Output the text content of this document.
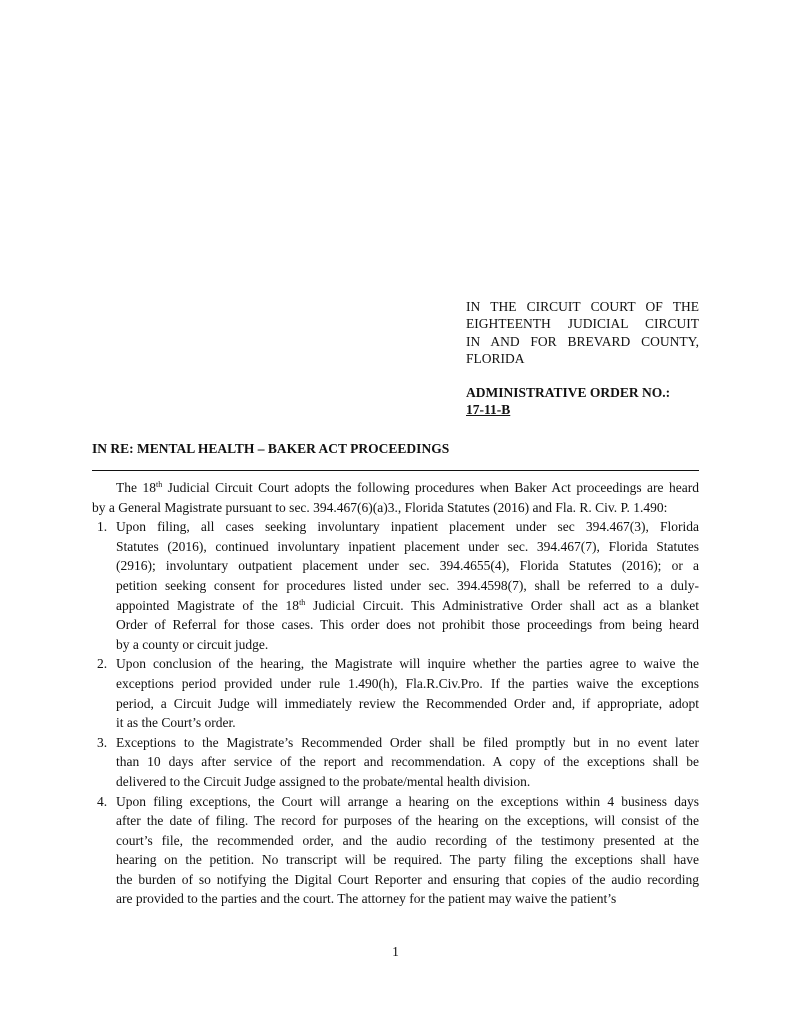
IN THE CIRCUIT COURT OF THE
EIGHTEENTH JUDICIAL CIRCUIT
IN AND FOR BREVARD COUNTY,
FLORIDA
ADMINISTRATIVE ORDER NO.:
17-11-B
IN RE: MENTAL HEALTH – BAKER ACT PROCEEDINGS
The 18th Judicial Circuit Court adopts the following procedures when Baker Act proceedings are heard
by a General Magistrate pursuant to sec. 394.467(6)(a)3., Florida Statutes (2016) and Fla. R. Civ. P. 1.490:
1. Upon filing, all cases seeking involuntary inpatient placement under sec 394.467(3), Florida
Statutes (2016), continued involuntary inpatient placement under sec. 394.467(7), Florida Statutes
(2916); involuntary outpatient placement under sec. 394.4655(4), Florida Statutes (2016); or a
petition seeking consent for procedures listed under sec. 394.4598(7), shall be referred to a duly-
appointed Magistrate of the 18th Judicial Circuit. This Administrative Order shall act as a blanket
Order of Referral for those cases. This order does not prohibit those proceedings from being heard
by a county or circuit judge.
2. Upon conclusion of the hearing, the Magistrate will inquire whether the parties agree to waive the
exceptions period provided under rule 1.490(h), Fla.R.Civ.Pro. If the parties waive the exceptions
period, a Circuit Judge will immediately review the Recommended Order and, if appropriate, adopt
it as the Court’s order.
3. Exceptions to the Magistrate’s Recommended Order shall be filed promptly but in no event later
than 10 days after service of the report and recommendation. A copy of the exceptions shall be
delivered to the Circuit Judge assigned to the probate/mental health division.
4. Upon filing exceptions, the Court will arrange a hearing on the exceptions within 4 business days
after the date of filing. The record for purposes of the hearing on the exceptions, will consist of the
court’s file, the recommended order, and the audio recording of the testimony presented at the
hearing on the petition. No transcript will be required. The party filing the exceptions shall have
the burden of so notifying the Digital Court Reporter and ensuring that copies of the audio recording
are provided to the parties and the court. The attorney for the patient may waive the patient’s
1
